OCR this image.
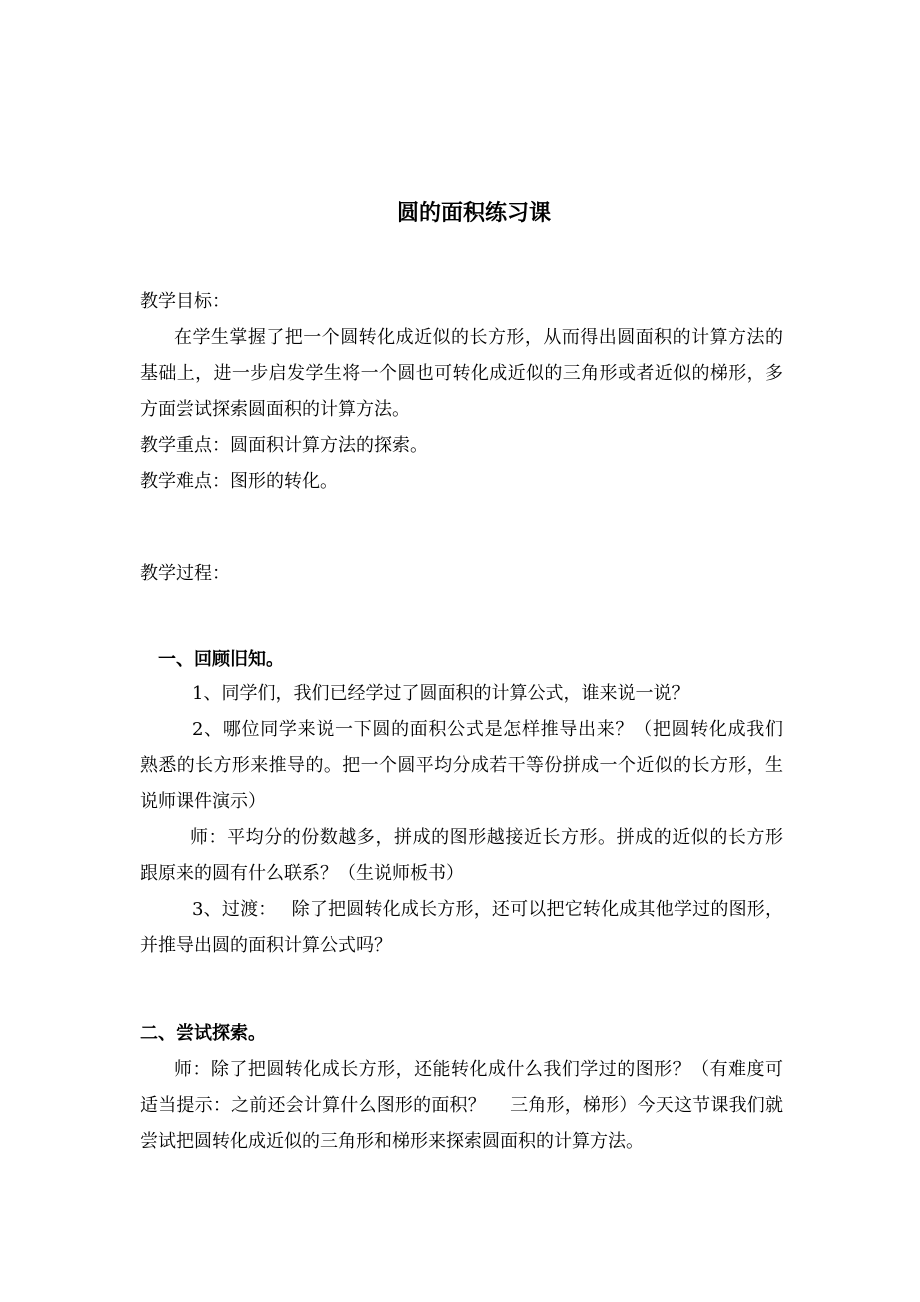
圆的面积练习课
教学目标：
在学生掌握了把一个圆转化成近似的长方形，从而得出圆面积的计算方法的
基础上，进一步启发学生将一个圆也可转化成近似的三角形或者近似的梯形，多
方面尝试探索圆面积的计算方法。
教学重点：圆面积计算方法的探索。
教学难点：图形的转化。
教学过程：
一、回顾旧知。
1、同学们，我们已经学过了圆面积的计算公式，谁来说一说？
2、哪位同学来说一下圆的面积公式是怎样推导出来？（把圆转化成我们
熟悉的长方形来推导的。把一个圆平均分成若干等份拼成一个近似的长方形，生
说师课件演示）
师：平均分的份数越多，拼成的图形越接近长方形。拼成的近似的长方形
跟原来的圆有什么联系？（生说师板书）
3、过渡：　 除了把圆转化成长方形，还可以把它转化成其他学过的图形，
并推导出圆的面积计算公式吗？
二、尝试探索。
师：除了把圆转化成长方形，还能转化成什么我们学过的图形？（有难度可
适当提示：之前还会计算什么图形的面积？　 三角形，梯形）今天这节课我们就
尝试把圆转化成近似的三角形和梯形来探索圆面积的计算方法。
